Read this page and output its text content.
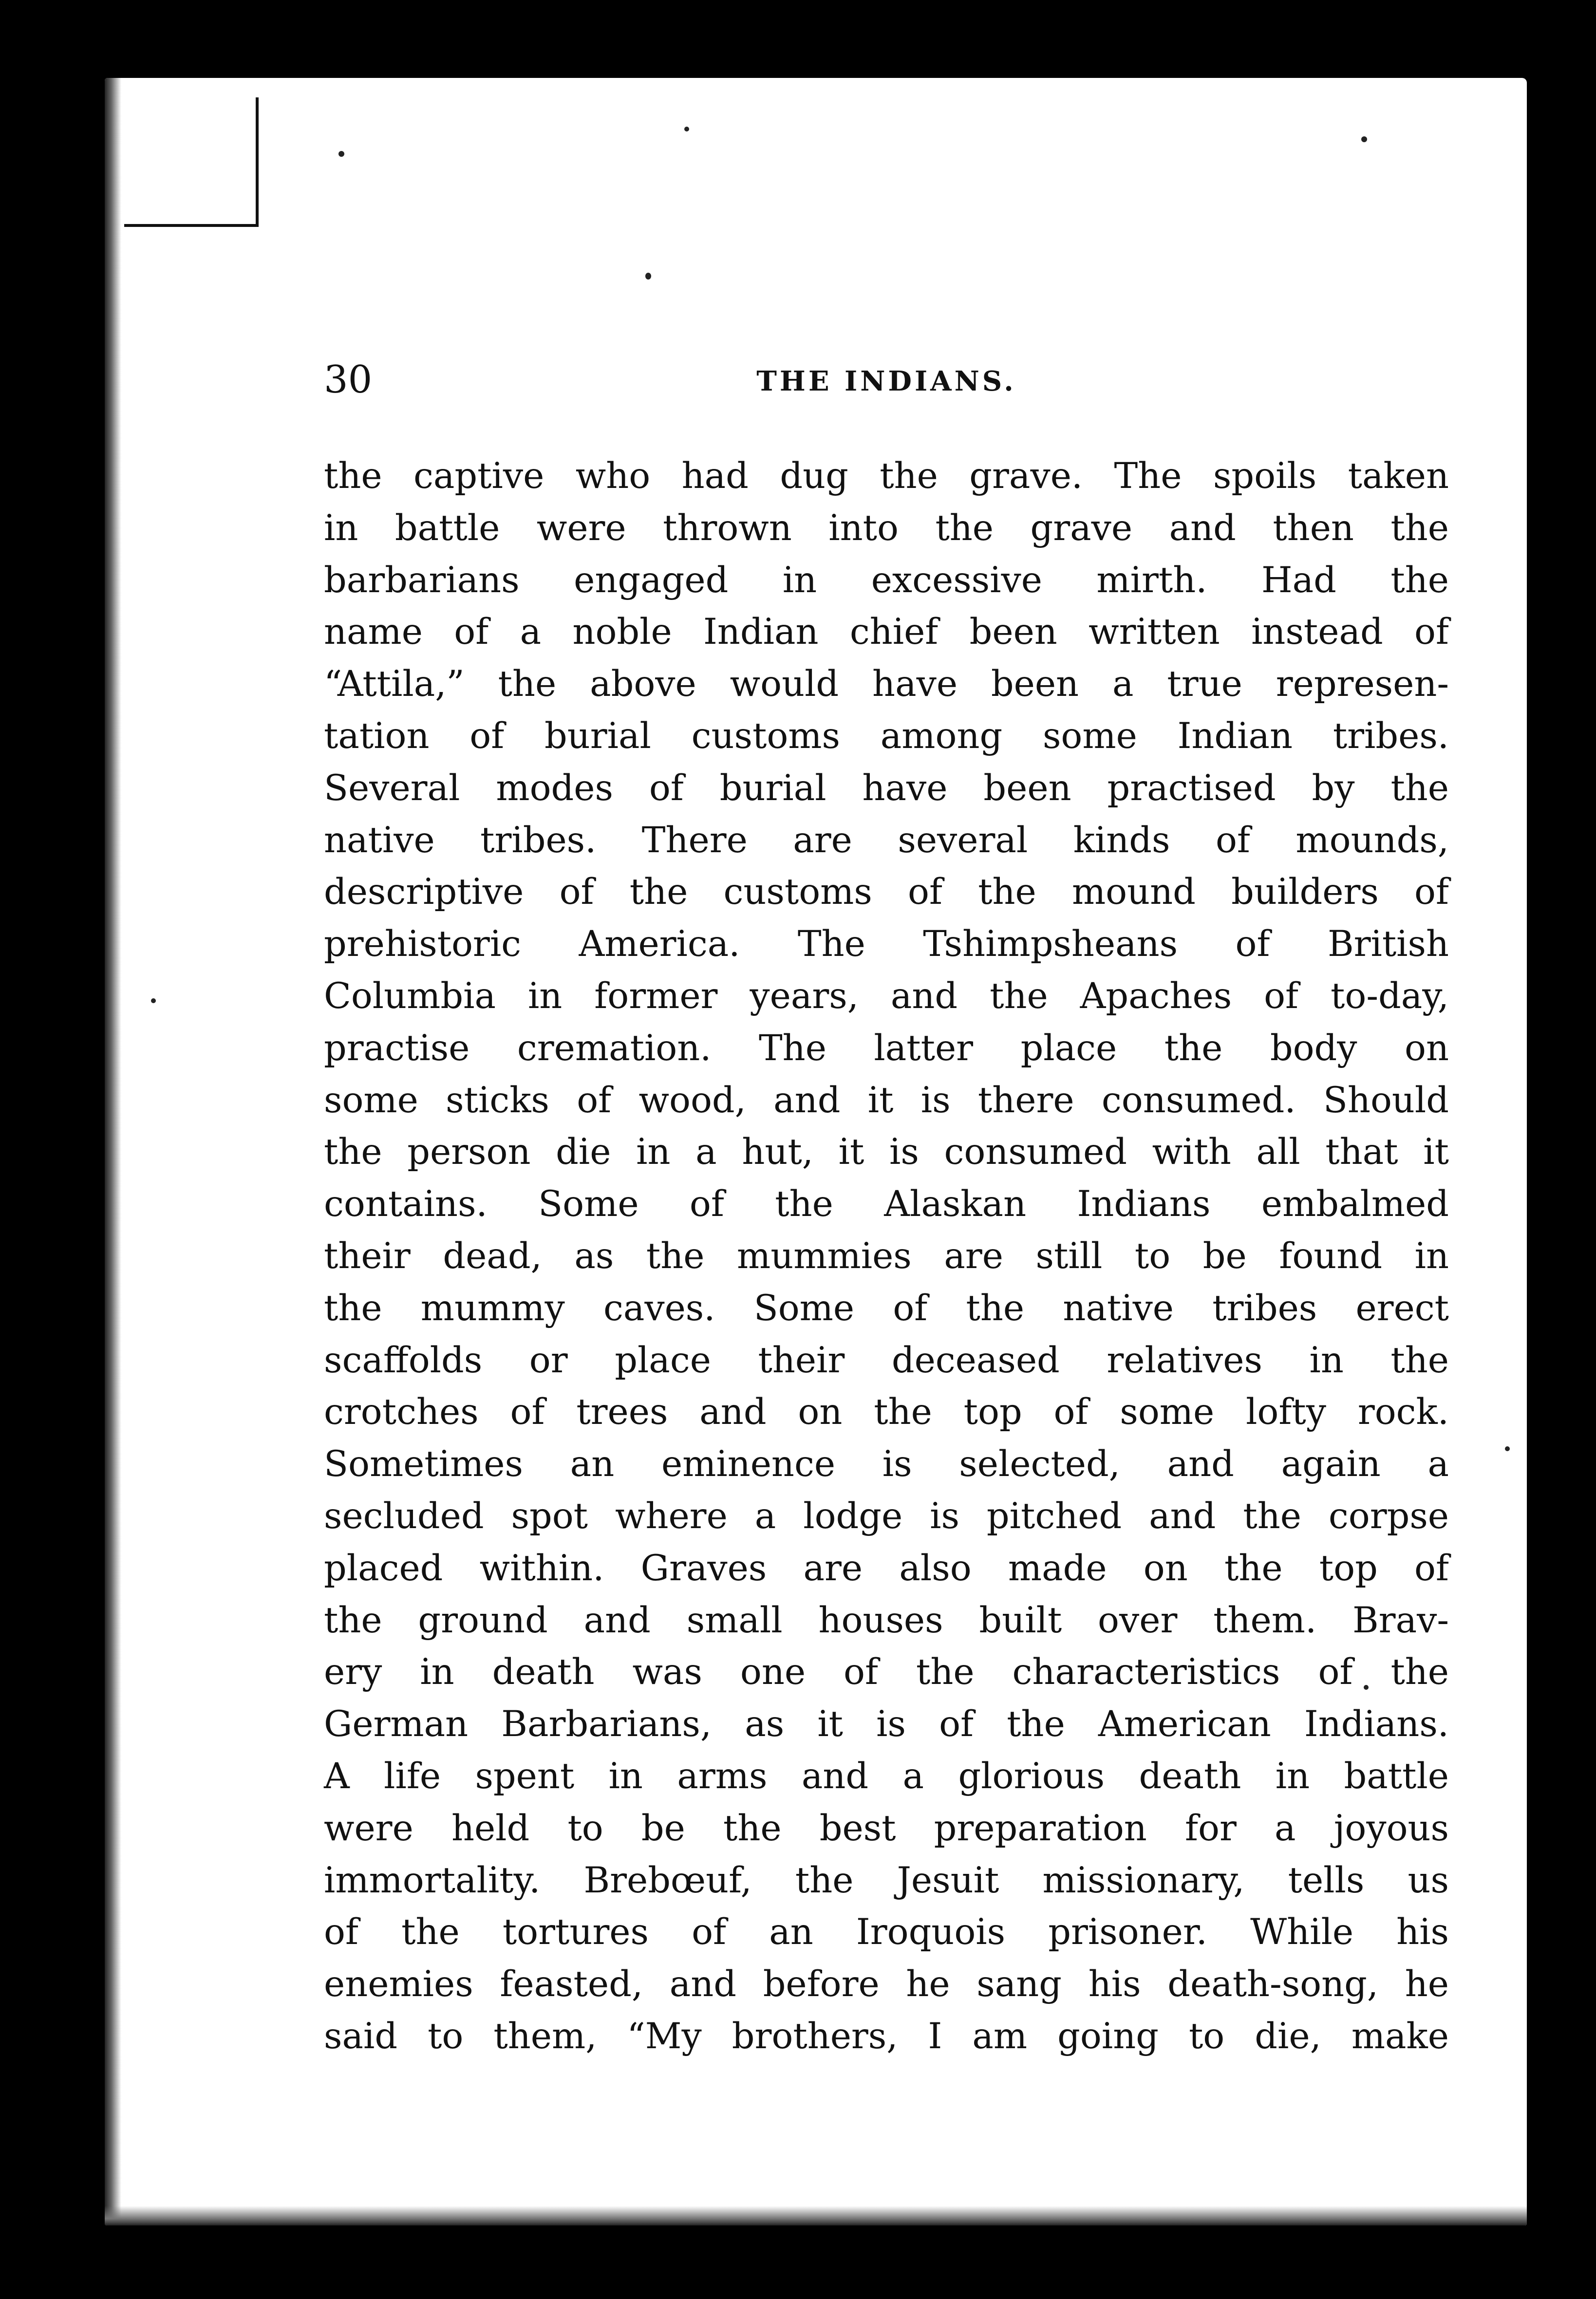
30	THE INDIANS.
the captive who had dug the grave. The spoils taken
in battle were thrown into the grave and then the
barbarians engaged in excessive mirth. Had the
name of a noble Indian chief been written instead of
“Attila,” the above would have been a true represen-
tation of burial customs among some Indian tribes.
Several modes of burial have been practised by the
native tribes. There are several kinds of mounds,
descriptive of the customs of the mound builders of
prehistoric America. The Tshimpsheans of British
Columbia in former years, and the Apaches of to-day,
practise cremation. The latter place the body on
some sticks of wood, and it is there consumed. Should
the person die in a hut, it is consumed with all that it
contains. Some of the Alaskan Indians embalmed
their dead, as the mummies are still to be found in
the mummy caves. Some of the native tribes erect
scaffolds or place their deceased relatives in the
crotches of trees and on the top of some lofty rock.
Sometimes an eminence is selected, and again a
secluded spot where a lodge is pitched and the corpse
placed within. Graves are also made on the top of
the ground and small houses built over them. Brav-
ery in death was one of the characteristics of the
German Barbarians, as it is of the American Indians.
A life spent in arms and a glorious death in battle
were held to be the best preparation for a joyous
immortality. Brebœuf, the Jesuit missionary, tells us
of the tortures of an Iroquois prisoner. While his
enemies feasted, and before he sang his death-song, he
said to them, “My brothers, I am going to die, make
